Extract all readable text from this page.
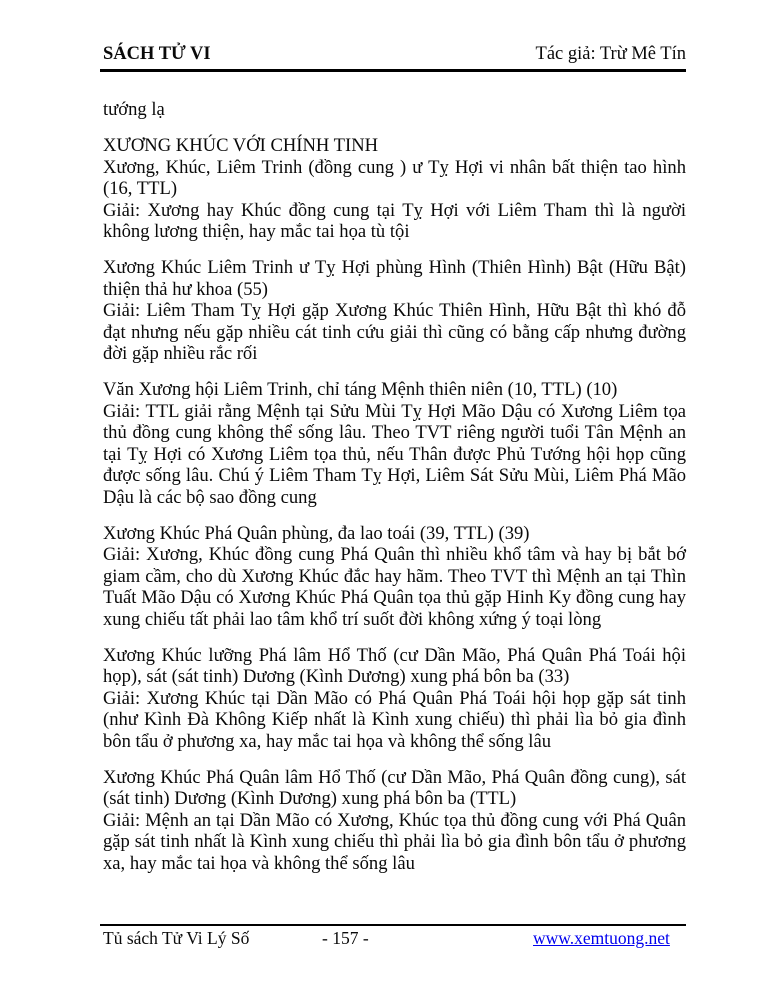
SÁCH TỬ VI	Tác giả: Trừ Mê Tín

tướng lạ

XƯƠNG KHÚC VỚI CHÍNH TINH

Xương, Khúc, Liêm Trinh (đồng cung ) ư Tỵ Hợi vi nhân bất thiện tao hình (16, TTL)

Giải: Xương hay Khúc đồng cung tại Tỵ Hợi với Liêm Tham thì là người không lương thiện, hay mắc tai họa tù tội

Xương Khúc Liêm Trinh ư Tỵ Hợi phùng Hình (Thiên Hình) Bật (Hữu Bật) thiện thả hư khoa (55)

Giải: Liêm Tham Tỵ Hợi gặp Xương Khúc Thiên Hình, Hữu Bật thì khó đỗ đạt nhưng nếu gặp nhiều cát tinh cứu giải thì cũng có bằng cấp nhưng đường đời gặp nhiều rắc rối

Văn Xương hội Liêm Trinh, chỉ táng Mệnh thiên niên (10, TTL) (10)

Giải: TTL giải rằng Mệnh tại Sửu Mùi Tỵ Hợi Mão Dậu có Xương Liêm tọa thủ đồng cung không thể sống lâu. Theo TVT riêng người tuổi Tân Mệnh an tại Tỵ Hợi có Xương Liêm tọa thủ, nếu Thân được Phủ Tướng hội họp cũng được sống lâu. Chú ý Liêm Tham Tỵ Hợi, Liêm Sát Sửu Mùi, Liêm Phá Mão Dậu là các bộ sao đồng cung

Xương Khúc Phá Quân phùng, đa lao toái (39, TTL) (39)

Giải: Xương, Khúc đồng cung Phá Quân thì nhiều khổ tâm và hay bị bắt bớ giam cầm, cho dù Xương Khúc đắc hay hãm. Theo TVT thì Mệnh an tại Thìn Tuất Mão Dậu có Xương Khúc Phá Quân tọa thủ gặp Hinh Ky đồng cung hay xung chiếu tất phải lao tâm khổ trí suốt đời không xứng ý toại lòng

Xương Khúc lưỡng Phá lâm Hổ Thố (cư Dần Mão, Phá Quân Phá Toái hội họp), sát (sát tinh) Dương (Kình Dương) xung phá bôn ba (33)

Giải: Xương Khúc tại Dần Mão có Phá Quân Phá Toái hội họp gặp sát tinh (như Kình Đà Không Kiếp nhất là Kình xung chiếu) thì phải lìa bỏ gia đình bôn tẩu ở phương xa, hay mắc tai họa và không thể sống lâu

Xương Khúc Phá Quân lâm Hổ Thố (cư Dần Mão, Phá Quân đồng cung), sát (sát tinh) Dương (Kình Dương) xung phá bôn ba (TTL)

Giải: Mệnh an tại Dần Mão có Xương, Khúc tọa thủ đồng cung với Phá Quân gặp sát tinh nhất là Kình xung chiếu thì phải lìa bỏ gia đình bôn tẩu ở phương xa, hay mắc tai họa và không thể sống lâu

Tủ sách Tử Vi Lý Số	- 157 -	www.xemtuong.net
